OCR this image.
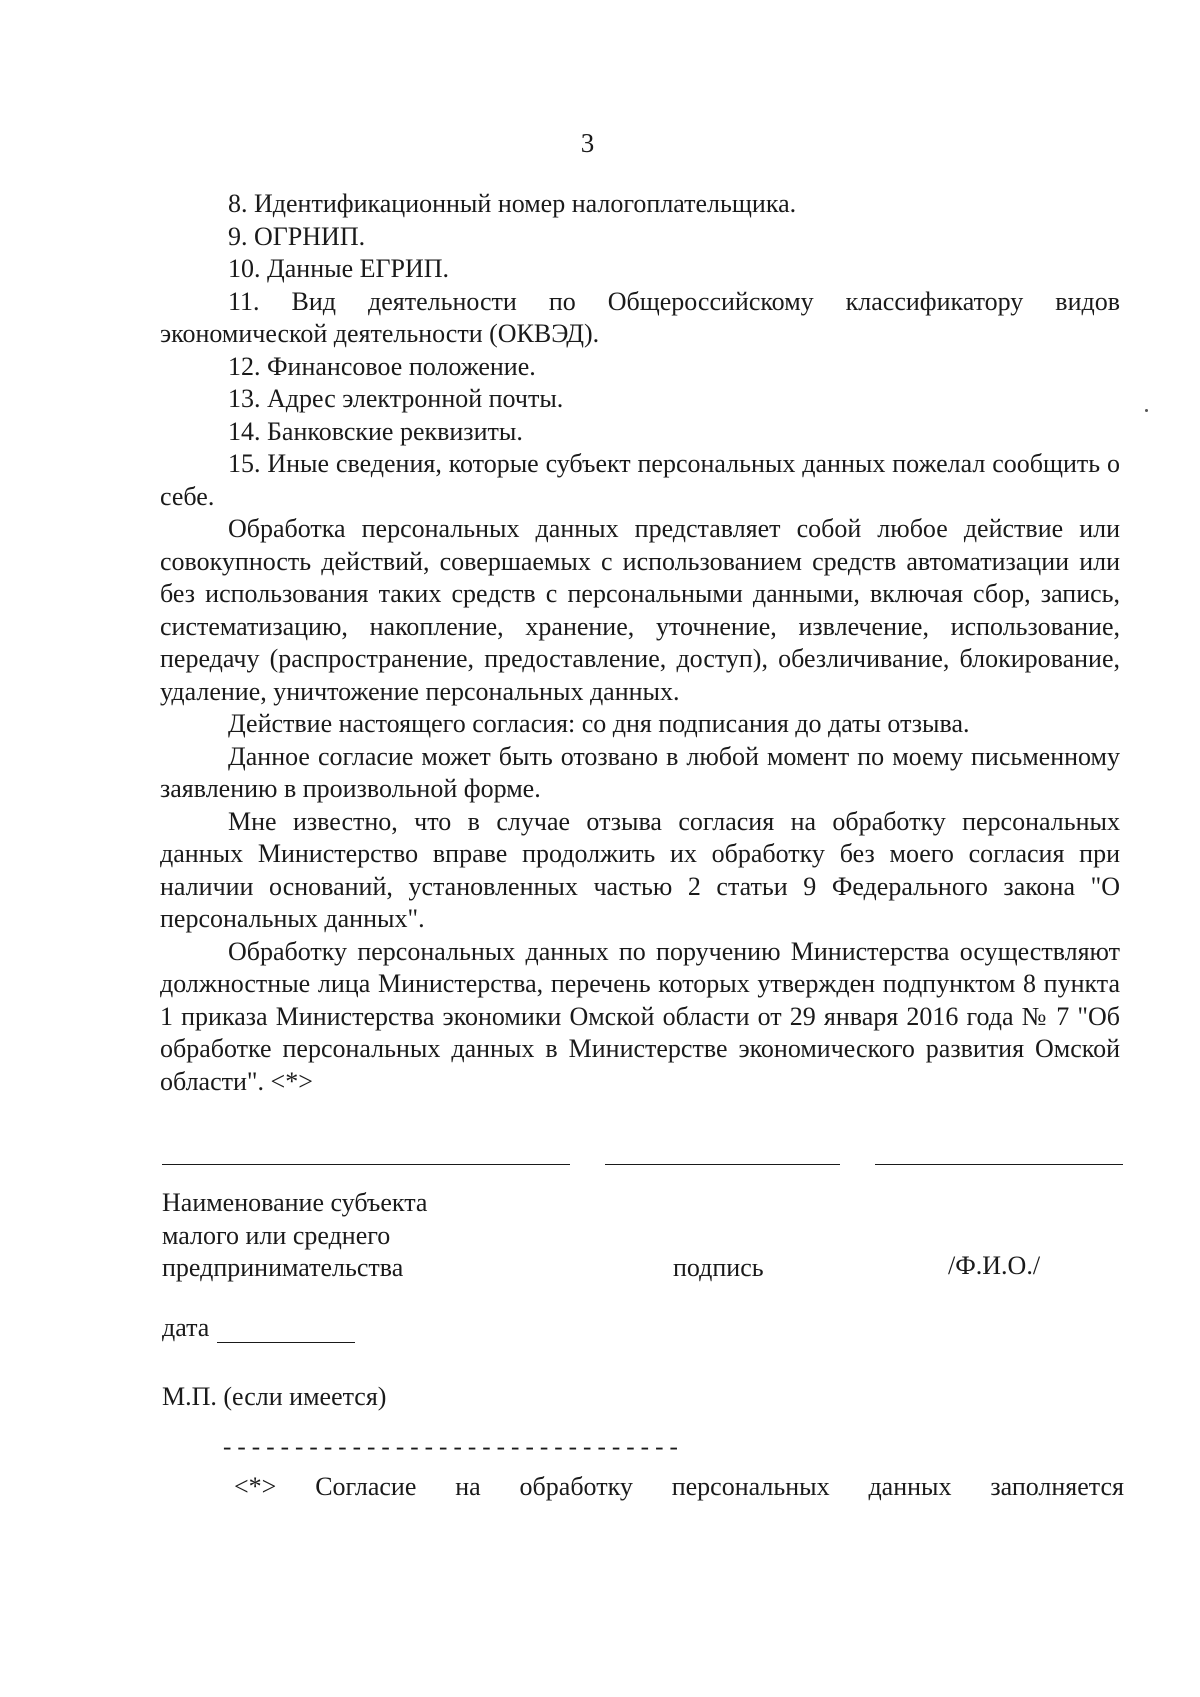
3

8. Идентификационный номер налогоплательщика.

9. ОГРНИП.

10. Данные ЕГРИП.

11. Вид деятельности по Общероссийскому классификатору видов экономической деятельности (ОКВЭД).

12. Финансовое положение.

13. Адрес электронной почты.

14. Банковские реквизиты.

15. Иные сведения, которые субъект персональных данных пожелал сообщить о себе.

Обработка персональных данных представляет собой любое действие или совокупность действий, совершаемых с использованием средств автоматизации или без использования таких средств с персональными данными, включая сбор, запись, систематизацию, накопление, хранение, уточнение, извлечение, использование, передачу (распространение, предоставление, доступ), обезличивание, блокирование, удаление, уничтожение персональных данных.

Действие настоящего согласия: со дня подписания до даты отзыва.

Данное согласие может быть отозвано в любой момент по моему письменному заявлению в произвольной форме.

Мне известно, что в случае отзыва согласия на обработку персональных данных Министерство вправе продолжить их обработку без моего согласия при наличии оснований, установленных частью 2 статьи 9 Федерального закона "О персональных данных".

Обработку персональных данных по поручению Министерства осуществляют должностные лица Министерства, перечень которых утвержден подпунктом 8 пункта 1 приказа Министерства экономики Омской области от 29 января 2016 года № 7 "Об обработке персональных данных в Министерстве экономического развития Омской области". <*>

Наименование субъекта
малого или среднего
предпринимательства	подпись	/Ф.И.О./
дата
М.П. (если имеется)
--------------------------------
<*> Согласие на обработку персональных данных заполняется
